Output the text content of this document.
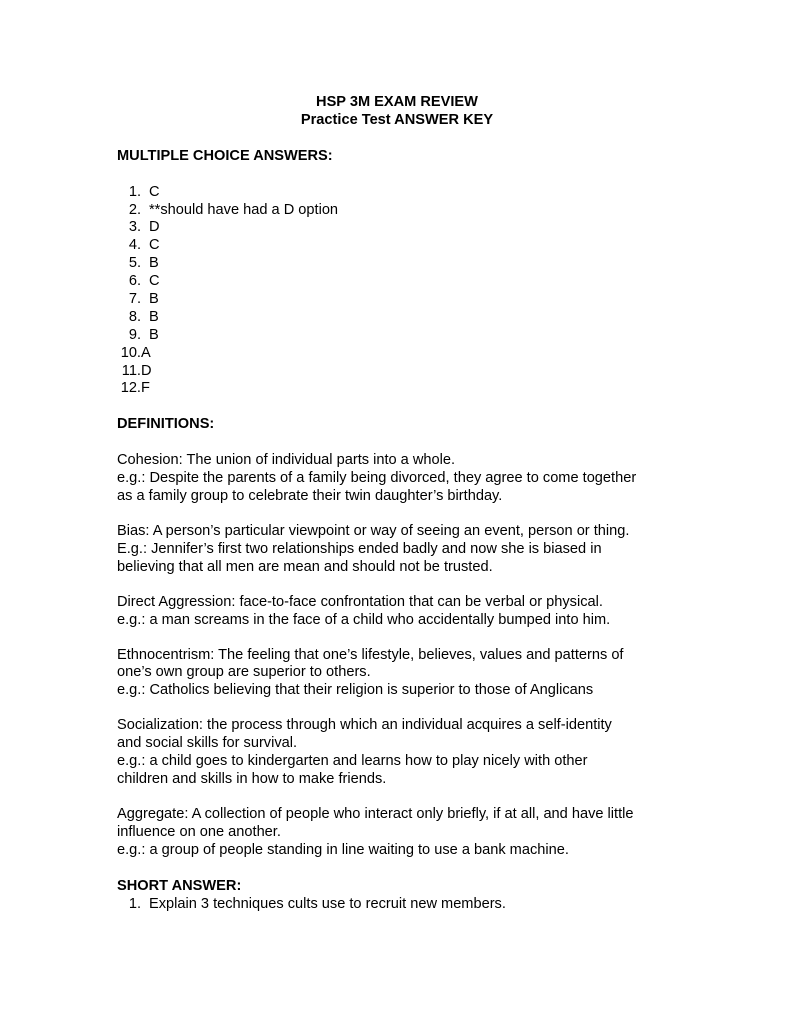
HSP 3M EXAM REVIEW
Practice Test ANSWER KEY
MULTIPLE CHOICE ANSWERS:
1. C
2. **should have had a D option
3. D
4. C
5. B
6. C
7. B
8. B
9. B
10. A
11. D
12. F
DEFINITIONS:

Cohesion: The union of individual parts into a whole.

e.g.: Despite the parents of a family being divorced, they agree to come together

as a family group to celebrate their twin daughter’s birthday.

Bias: A person’s particular viewpoint or way of seeing an event, person or thing.

E.g.: Jennifer’s first two relationships ended badly and now she is biased in

believing that all men are mean and should not be trusted.

Direct Aggression: face-to-face confrontation that can be verbal or physical.

e.g.: a man screams in the face of a child who accidentally bumped into him.

Ethnocentrism: The feeling that one’s lifestyle, believes, values and patterns of

one’s own group are superior to others.

e.g.: Catholics believing that their religion is superior to those of Anglicans

Socialization: the process through which an individual acquires a self-identity

and social skills for survival.

e.g.: a child goes to kindergarten and learns how to play nicely with other

children and skills in how to make friends.

Aggregate: A collection of people who interact only briefly, if at all, and have little

influence on one another.

e.g.: a group of people standing in line waiting to use a bank machine.

SHORT ANSWER:
1. Explain 3 techniques cults use to recruit new members.
